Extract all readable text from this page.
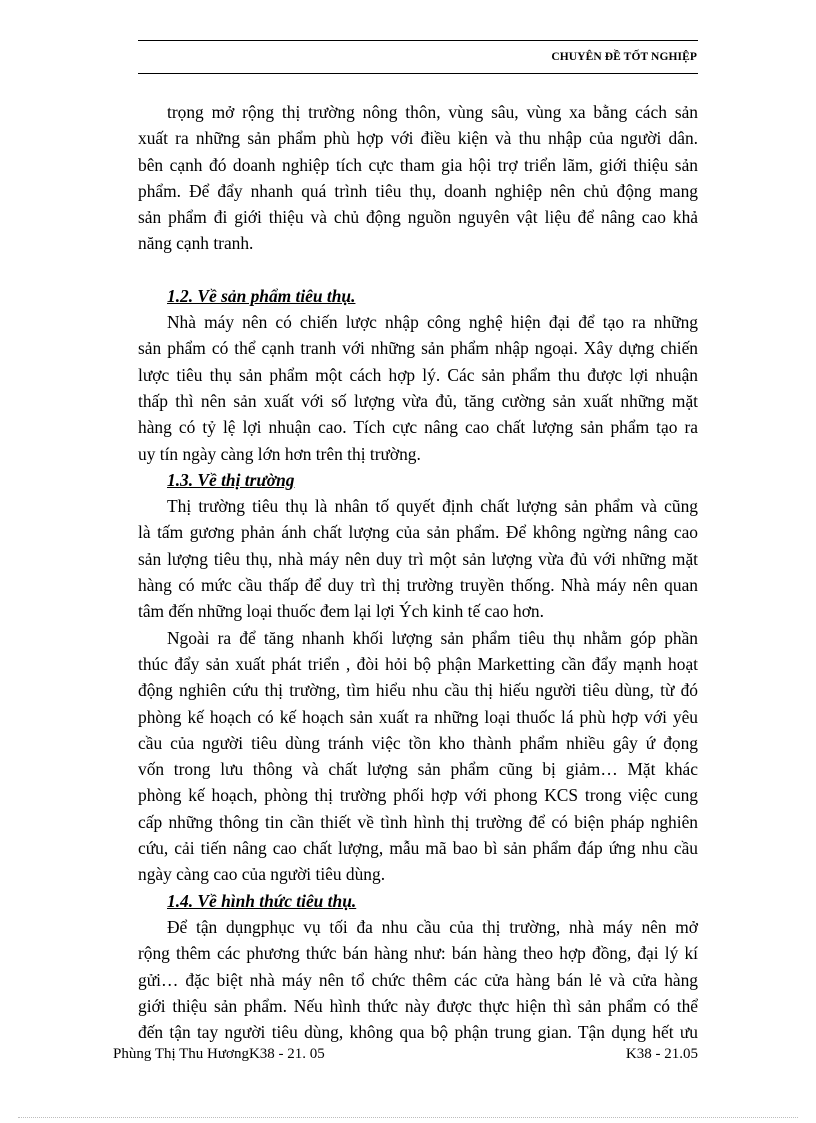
CHUYÊN ĐỀ TỐT NGHIỆP

trọng mở rộng thị trường nông thôn, vùng sâu, vùng xa bằng cách sản

xuất ra những sản phẩm phù hợp với điều kiện và thu nhập của người dân.

bên cạnh đó doanh nghiệp tích cực tham gia hội trợ triển lãm, giới thiệu sản

phẩm. Để đẩy nhanh quá trình tiêu thụ, doanh nghiệp nên chủ động mang

sản phẩm đi giới thiệu và chủ động nguồn nguyên vật liệu để nâng cao khả

năng cạnh tranh.

1.2. Về sản phẩm tiêu thụ.

Nhà máy nên có chiến lược nhập công nghệ hiện đại để tạo ra những

sản phẩm có thể cạnh tranh với những sản phẩm nhập ngoại. Xây dựng chiến

lược tiêu thụ sản phẩm một cách hợp lý. Các sản phẩm thu được lợi nhuận

thấp thì nên sản xuất với số lượng vừa đủ, tăng cường sản xuất những mặt

hàng có tỷ lệ lợi nhuận cao. Tích cực nâng cao chất lượng sản phẩm tạo ra

uy tín ngày càng lớn hơn trên thị trường.

1.3. Về thị trường

Thị trường tiêu thụ là nhân tố quyết định chất lượng sản phẩm và cũng

là tấm gương phản ánh chất lượng của sản phẩm. Để không ngừng nâng cao

sản lượng tiêu thụ, nhà máy nên duy trì một sản lượng vừa đủ với những mặt

hàng có mức cầu thấp để duy trì thị trường truyền thống. Nhà máy nên quan

tâm đến những loại thuốc đem lại lợi Ých kinh tế cao hơn.

Ngoài ra để tăng nhanh khối lượng sản phẩm tiêu thụ nhằm góp phần

thúc đẩy sản xuất phát triển , đòi hỏi bộ phận Marketting cần đẩy mạnh hoạt

động nghiên cứu thị trường, tìm hiểu nhu cầu thị hiếu người tiêu dùng, từ đó

phòng kế hoạch có kế hoạch sản xuất ra những loại thuốc lá phù hợp với yêu

cầu của người tiêu dùng tránh việc tồn kho thành phẩm nhiều gây ứ đọng

vốn trong lưu thông và chất lượng sản phẩm cũng bị giảm… Mặt khác

phòng kế hoạch, phòng thị trường phối hợp với phong KCS trong việc cung

cấp những thông tin cần thiết về tình hình thị trường để có biện pháp nghiên

cứu, cải tiến nâng cao chất lượng, mẫu mã bao bì sản phẩm đáp ứng nhu cầu

ngày càng cao của người tiêu dùng.

1.4. Về hình thức tiêu thụ.

Để tận dụngphục vụ tối đa nhu cầu của thị trường, nhà máy nên mở

rộng thêm các phương thức bán hàng như: bán hàng theo hợp đồng, đại lý kí

gửi… đặc biệt nhà máy nên tổ chức thêm các cửa hàng bán lẻ và cửa hàng

giới thiệu sản phẩm. Nếu hình thức này được thực hiện thì sản phẩm có thể

đến tận tay người tiêu dùng, không qua bộ phận trung gian. Tận dụng hết ưu

Phùng Thị Thu HươngK38 - 21. 05	K38 - 21.05
